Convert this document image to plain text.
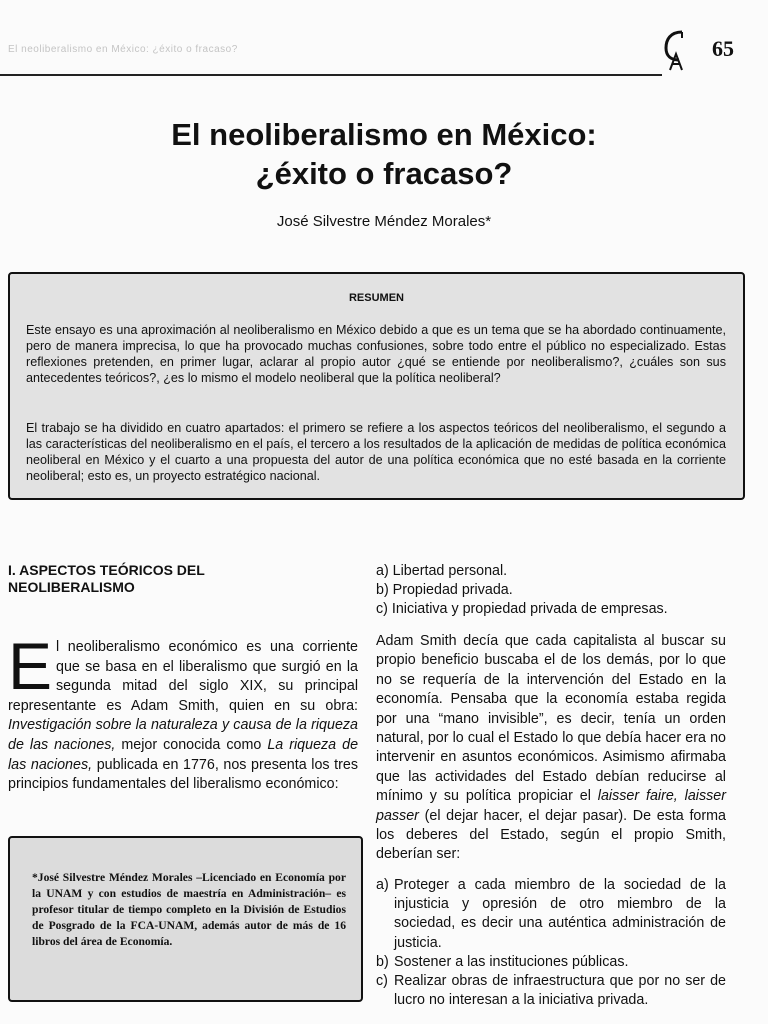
El neoliberalismo en México: ¿éxito o fracaso?	65
El neoliberalismo en México:
¿éxito o fracaso?
José Silvestre Méndez Morales*
RESUMEN

Este ensayo es una aproximación al neoliberalismo en México debido a que es un tema que se ha abordado continuamente, pero de manera imprecisa, lo que ha provocado muchas confusiones, sobre todo entre el público no especializado. Estas reflexiones pretenden, en primer lugar, aclarar al propio autor ¿qué se entiende por neoliberalismo?, ¿cuáles son sus antecedentes teóricos?, ¿es lo mismo el modelo neoliberal que la política neoliberal?

El trabajo se ha dividido en cuatro apartados: el primero se refiere a los aspectos teóricos del neoliberalismo, el segundo a las características del neoliberalismo en el país, el tercero a los resultados de la aplicación de medidas de política económica neoliberal en México y el cuarto a una propuesta del autor de una política económica que no esté basada en la corriente neoliberal; esto es, un proyecto estratégico nacional.

I. ASPECTOS TEÓRICOS DEL
NEOLIBERALISMO

El neoliberalismo económico es una corriente que se basa en el liberalismo que surgió en la segunda mitad del siglo XIX, su principal representante es Adam Smith, quien en su obra: Investigación sobre la naturaleza y causa de la riqueza de las naciones, mejor conocida como La riqueza de las naciones, publicada en 1776, nos presenta los tres principios fundamentales del liberalismo económico:

*José Silvestre Méndez Morales –Licenciado en Economía por la UNAM y con estudios de maestría en Administración– es profesor titular de tiempo completo en la División de Estudios de Posgrado de la FCA-UNAM, además autor de más de 16 libros del área de Economía.

a) Libertad personal.
b) Propiedad privada.
c) Iniciativa y propiedad privada de empresas.

Adam Smith decía que cada capitalista al buscar su propio beneficio buscaba el de los demás, por lo que no se requería de la intervención del Estado en la economía. Pensaba que la economía estaba regida por una “mano invisible”, es decir, tenía un orden natural, por lo cual el Estado lo que debía hacer era no intervenir en asuntos económicos. Asimismo afirmaba que las actividades del Estado debían reducirse al mínimo y su política propiciar el laisser faire, laisser passer (el dejar hacer, el dejar pasar). De esta forma los deberes del Estado, según el propio Smith, deberían ser:

a) Proteger a cada miembro de la sociedad de la injusticia y opresión de otro miembro de la sociedad, es decir una auténtica administración de justicia.
b) Sostener a las instituciones públicas.
c) Realizar obras de infraestructura que por no ser de lucro no interesan a la iniciativa privada.
